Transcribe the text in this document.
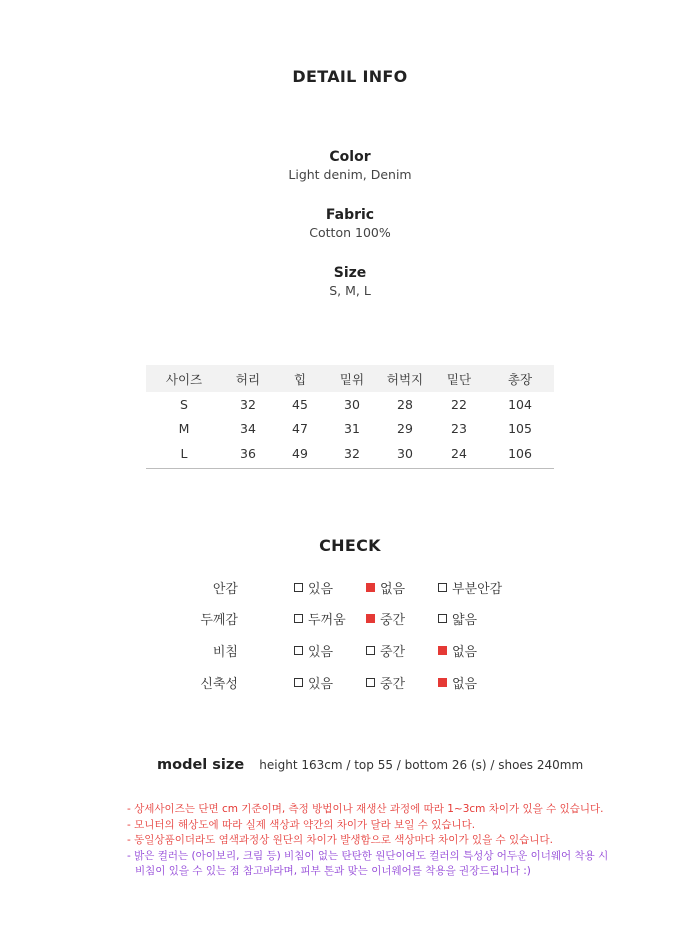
DETAIL INFO
Color
Light denim, Denim
Fabric
Cotton 100%
Size
S, M, L
사이즈	허리	힙	밑위	허벅지	밑단	총장
S	32	45	30	28	22	104
M	34	47	31	29	23	105
L	36	49	32	30	24	106
CHECK
안감	있음	없음	부분안감
두께감	두꺼움	중간	얇음
비침	있음	중간	없음
신축성	있음	중간	없음
model size height 163cm / top 55 / bottom 26 (s) / shoes 240mm
- 상세사이즈는 단면 cm 기준이며, 측정 방법이나 재생산 과정에 따라 1~3cm 차이가 있을 수 있습니다.
- 모니터의 해상도에 따라 실제 색상과 약간의 차이가 달라 보일 수 있습니다.
- 동일상품이더라도 염색과정상 원단의 차이가 발생함으로 색상마다 차이가 있을 수 있습니다.
- 밝은 컬러는 (아이보리, 크림 등) 비침이 없는 탄탄한 원단이여도 컬러의 특성상 어두운 이너웨어 착용 시
비침이 있을 수 있는 점 참고바라며, 피부 톤과 맞는 이너웨어를 착용을 권장드립니다 :)
